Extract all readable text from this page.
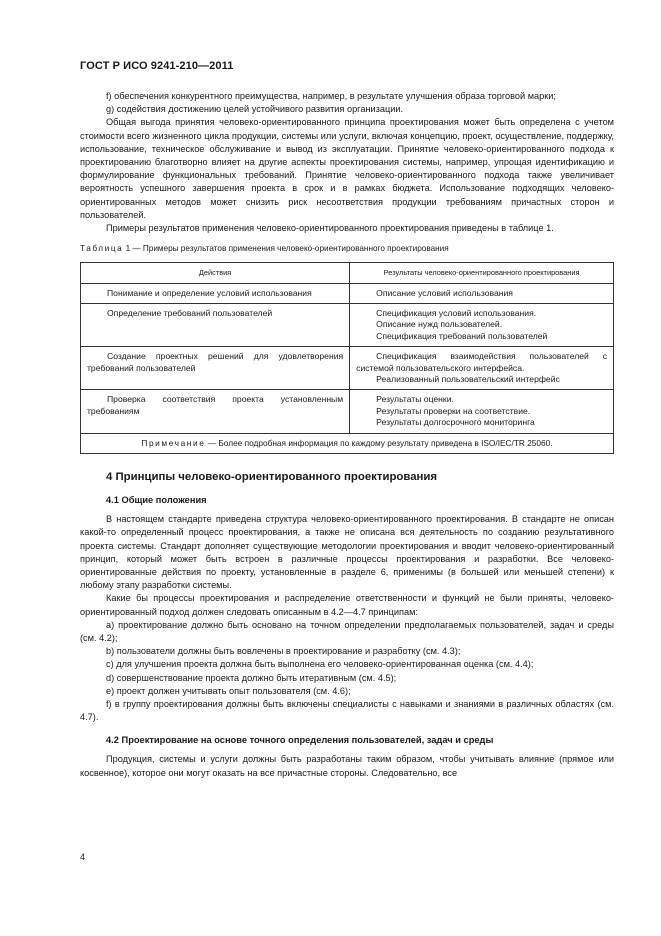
ГОСТ Р ИСО 9241-210—2011

f) обеспечения конкурентного преимущества, например, в результате улучшения образа торговой марки;

g) содействия достижению целей устойчивого развития организации.

Общая выгода принятия человеко-ориентированного принципа проектирования может быть определена с учетом стоимости всего жизненного цикла продукции, системы или услуги, включая концепцию, проект, осуществление, поддержку, использование, техническое обслуживание и вывод из эксплуатации. Принятие человеко-ориентированного подхода к проектированию благотворно влияет на другие аспекты проектирования системы, например, упрощая идентификацию и формулирование функциональных требований. Принятие человеко-ориентированного подхода также увеличивает вероятность успешного завершения проекта в срок и в рамках бюджета. Использование подходящих человеко-ориентированных методов может снизить риск несоответствия продукции требованиям причастных сторон и пользователей.

Примеры результатов применения человеко-ориентированного проектирования приведены в таблице 1.

Таблица 1 — Примеры результатов применения человеко-ориентированного проектирования
Действия	Результаты человеко-ориентированного проектирования

Понимание и определение условий использования	Описание условий использования

Определение требований пользователей	Спецификация условий использования.
Описание нужд пользователей.
Спецификация требований пользователей

Создание проектных решений для удовлетворения требований пользователей	Спецификация взаимодействия пользователей с системой пользовательского интерфейса.
Реализованный пользовательский интерфейс

Проверка соответствия проекта установленным требованиям	Результаты оценки.
Результаты проверки на соответствие.
Результаты долгосрочного мониторинга

Примечание — Более подробная информация по каждому результату приведена в ISO/IEC/TR 25060.	
4 Принципы человеко-ориентированного проектирования
4.1 Общие положения

В настоящем стандарте приведена структура человеко-ориентированного проектирования. В стандарте не описан какой-то определенный процесс проектирования, а также не описана вся деятельность по созданию результативного проекта системы. Стандарт дополняет существующие методологии проектирования и вводит человеко-ориентированный принцип, который может быть встроен в различные процессы проектирования и разработки. Все человеко-ориентированные действия по проекту, установленные в разделе 6, применимы (в большей или меньшей степени) к любому этапу разработки системы.

Какие бы процессы проектирования и распределение ответственности и функций не были приняты, человеко-ориентированный подход должен следовать описанным в 4.2—4.7 принципам:

a) проектирование должно быть основано на точном определении предполагаемых пользователей, задач и среды (см. 4.2);

b) пользователи должны быть вовлечены в проектирование и разработку (см. 4.3);

c) для улучшения проекта должна быть выполнена его человеко-ориентированная оценка (см. 4.4);

d) совершенствование проекта должно быть итеративным (см. 4.5);

e) проект должен учитывать опыт пользователя (см. 4.6);

f) в группу проектирования должны быть включены специалисты с навыками и знаниями в различных областях (см. 4.7).

4.2 Проектирование на основе точного определения пользователей, задач и среды

Продукция, системы и услуги должны быть разработаны таким образом, чтобы учитывать влияние (прямое или косвенное), которое они могут оказать на все причастные стороны. Следовательно, все

4
